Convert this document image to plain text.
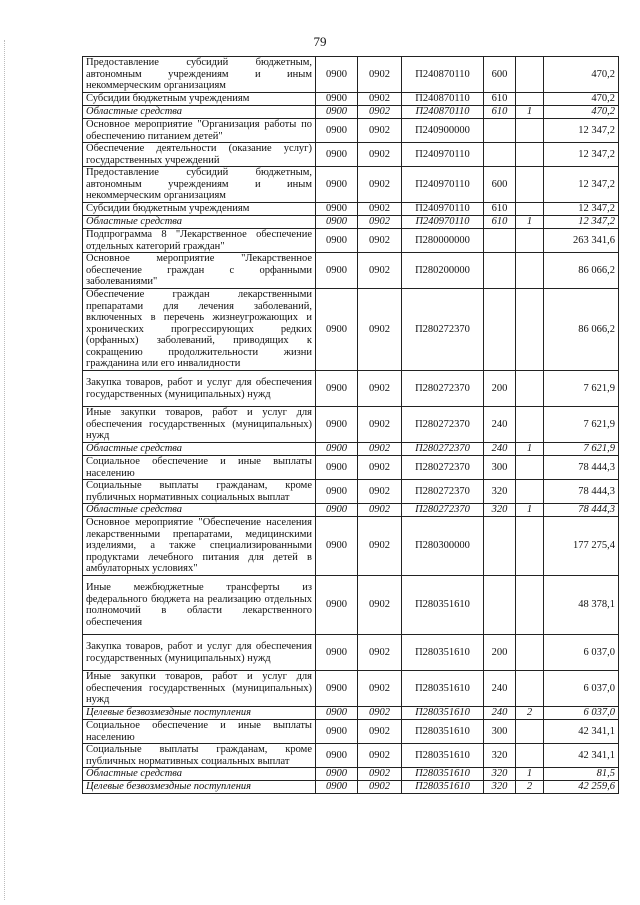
79
Предоставление субсидий бюджетным, автономным учреждениям и иным некоммерческим организациям	0900	0902	П240870110	600		470,2
Субсидии бюджетным учреждениям	0900	0902	П240870110	610		470,2
Областные средства	0900	0902	П240870110	610	1	470,2
Основное мероприятие "Организация работы по обеспечению питанием детей"	0900	0902	П240900000			12 347,2
Обеспечение деятельности (оказание услуг) государственных учреждений	0900	0902	П240970110			12 347,2
Предоставление субсидий бюджетным, автономным учреждениям и иным некоммерческим организациям	0900	0902	П240970110	600		12 347,2
Субсидии бюджетным учреждениям	0900	0902	П240970110	610		12 347,2
Областные средства	0900	0902	П240970110	610	1	12 347,2
Подпрограмма 8 "Лекарственное обеспечение отдельных категорий граждан"	0900	0902	П280000000			263 341,6
Основное мероприятие "Лекарственное обеспечение граждан с орфанными заболеваниями"	0900	0902	П280200000			86 066,2
Обеспечение граждан лекарственными препаратами для лечения заболеваний, включенных в перечень жизнеугрожающих и хронических прогрессирующих редких (орфанных) заболеваний, приводящих к сокращению продолжительности жизни гражданина или его инвалидности	0900	0902	П280272370			86 066,2
Закупка товаров, работ и услуг для обеспечения государственных (муниципальных) нужд	0900	0902	П280272370	200		7 621,9
Иные закупки товаров, работ и услуг для обеспечения государственных (муниципальных) нужд	0900	0902	П280272370	240		7 621,9
Областные средства	0900	0902	П280272370	240	1	7 621,9
Социальное обеспечение и иные выплаты населению	0900	0902	П280272370	300		78 444,3
Социальные выплаты гражданам, кроме публичных нормативных социальных выплат	0900	0902	П280272370	320		78 444,3
Областные средства	0900	0902	П280272370	320	1	78 444,3
Основное мероприятие "Обеспечение населения лекарственными препаратами, медицинскими изделиями, а также специализированными продуктами лечебного питания для детей в амбулаторных условиях"	0900	0902	П280300000			177 275,4
Иные межбюджетные трансферты из федерального бюджета на реализацию отдельных полномочий в области лекарственного обеспечения	0900	0902	П280351610			48 378,1
Закупка товаров, работ и услуг для обеспечения государственных (муниципальных) нужд	0900	0902	П280351610	200		6 037,0
Иные закупки товаров, работ и услуг для обеспечения государственных (муниципальных) нужд	0900	0902	П280351610	240		6 037,0
Целевые безвозмездные поступления	0900	0902	П280351610	240	2	6 037,0
Социальное обеспечение и иные выплаты населению	0900	0902	П280351610	300		42 341,1
Социальные выплаты гражданам, кроме публичных нормативных социальных выплат	0900	0902	П280351610	320		42 341,1
Областные средства	0900	0902	П280351610	320	1	81,5
Целевые безвозмездные поступления	0900	0902	П280351610	320	2	42 259,6
